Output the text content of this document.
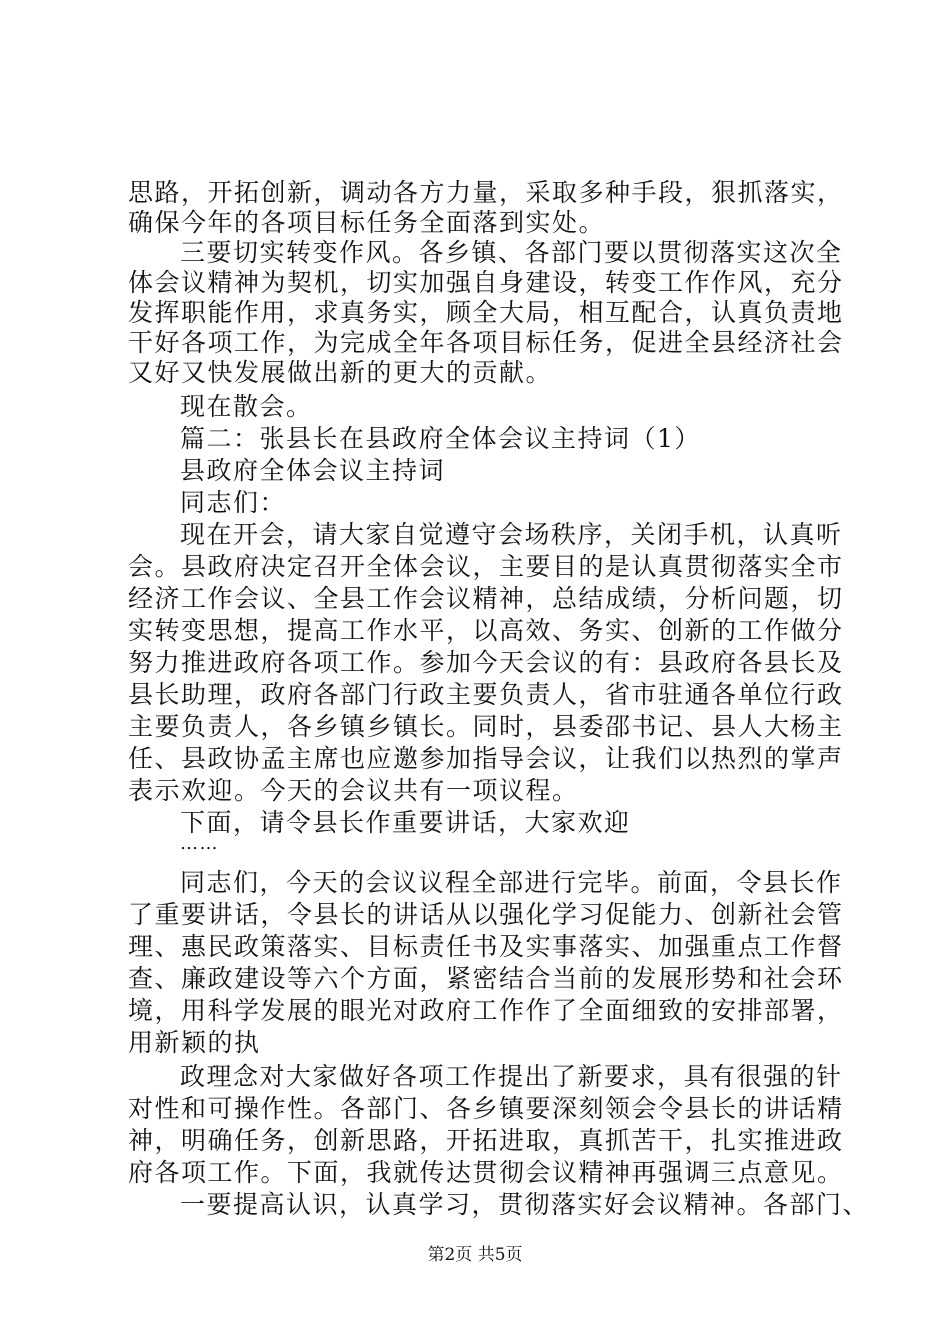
思路，开拓创新，调动各方力量，采取多种手段，狠抓落实，
确保今年的各项目标任务全面落到实处。
三要切实转变作风。各乡镇、各部门要以贯彻落实这次全
体会议精神为契机，切实加强自身建设，转变工作作风，充分
发挥职能作用，求真务实，顾全大局，相互配合，认真负责地
干好各项工作，为完成全年各项目标任务，促进全县经济社会
又好又快发展做出新的更大的贡献。
现在散会。
篇二：张县长在县政府全体会议主持词（1）
县政府全体会议主持词
同志们：
现在开会，请大家自觉遵守会场秩序，关闭手机，认真听
会。县政府决定召开全体会议，主要目的是认真贯彻落实全市
经济工作会议、全县工作会议精神，总结成绩，分析问题，切
实转变思想，提高工作水平，以高效、务实、创新的工作做分
努力推进政府各项工作。参加今天会议的有：县政府各县长及
县长助理，政府各部门行政主要负责人，省市驻通各单位行政
主要负责人，各乡镇乡镇长。同时，县委邵书记、县人大杨主
任、县政协孟主席也应邀参加指导会议，让我们以热烈的掌声
表示欢迎。今天的会议共有一项议程。
下面，请令县长作重要讲话，大家欢迎
……
同志们，今天的会议议程全部进行完毕。前面，令县长作
了重要讲话，令县长的讲话从以强化学习促能力、创新社会管
理、惠民政策落实、目标责任书及实事落实、加强重点工作督
查、廉政建设等六个方面，紧密结合当前的发展形势和社会环
境，用科学发展的眼光对政府工作作了全面细致的安排部署，
用新颖的执
政理念对大家做好各项工作提出了新要求，具有很强的针
对性和可操作性。各部门、各乡镇要深刻领会令县长的讲话精
神，明确任务，创新思路，开拓进取，真抓苦干，扎实推进政
府各项工作。下面，我就传达贯彻会议精神再强调三点意见。
一要提高认识，认真学习，贯彻落实好会议精神。各部门、
第2页 共5页
